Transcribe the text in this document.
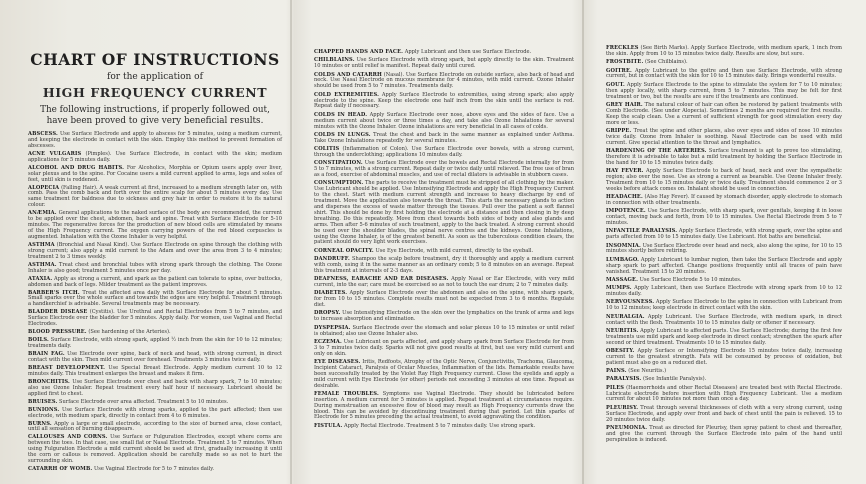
CHART OF INSTRUCTIONS
for the application of
HIGH FREQUENCY CURRENT
The following instructions, if properly followed out, have been proved to give very beneficial results.

ABSCESS. Use Surface Electrode and apply to abscess for 5 minutes, using a medium current, and keeping the electrode in contact with the skin. Employ this method to prevent formation of abscesses.

ACNE VULGARIS (Pimples). Use Surface Electrode, in contact with the skin; medium applications for 5 minutes daily.

ALCOHOL AND DRUG HABITS. For Alcoholics, Morphia or Opium users apply over liver, solar plexus and to the spine. For Cocaine users a mild current applied to arms, legs and soles of feet, until skin is reddened.

ALOPECIA (Falling Hair). A weak current at first, increased to a medium strength later on, with comb. Pass the comb back and forth over the entire scalp for about 5 minutes every day. Use same treatment for baldness due to sickness and grey hair in order to restore it to its natural colour.

ANÆMIA. General applications to the naked surface of the body are recommended, the current to be applied over the chest, abdomen, back and spine. Treat with Surface Electrode for 5-10 minutes. The regenerative forces for the production of new blood cells are stimulated by means of the High Frequency current. The oxygen carrying powers of the red blood corpuscles is augmented. Inhalation with the Ozone Inhaler is very helpful.

ASTHMA (Bronchial and Nasal Kind). Use Surface Electrode on spine through the clothing with strong current; also apply a mild current to the Adam and over the area from 3 to 4 minutes; treatment 2 to 3 times weekly.

ASTHMA. Treat chest and bronchial tubes with strong spark through the clothing. The Ozone Inhaler is also good; treatment 5 minutes once per day.

ATAXIA. Apply as strong a current, and spark as the patient can tolerate to spine, over buttocks, abdomen and back of legs. Milder treatment as the patient improves.

BARBER'S ITCH. Treat the affected area daily with Surface Electrode for about 5 minutes. Small sparks over the whole surface and towards the edges are very helpful. Treatment through a handkerchief is advisable. Several treatments may be necessary.

BLADDER DISEASE (Cystitis). Use Urethral and Rectal Electrodes from 5 to 7 minutes, and Surface Electrode over the bladder for 5 minutes. Apply daily. For women, use Vaginal and Rectal Electrodes.

BLOOD PRESSURE. (See hardening of the Arteries).

BOILS. Surface Electrode, with strong spark, applied ½ inch from the skin for 10 to 12 minutes; treatments daily.

BRAIN FAG. Use Electrode over spine, back of neck and head, with strong current, in direct contact with the skin. Then mild current over forehead. Treatments 3 minutes twice daily.

BREAST DEVELOPMENT. Use Special Breast Electrode. Apply medium current 10 to 12 minutes daily. This treatment enlarges the breast and makes it firm.

BRONCHITIS. Use Surface Electrode over chest and back with sharp spark, 7 to 10 minutes; also use Ozone Inhaler. Repeat treatment every half hour if necessary. Lubricant should be applied first to chest.

BRUISES. Surface Electrode over area affected. Treatment 5 to 10 minutes.

BUNIONS. Use Surface Electrode with strong sparks, applied to the part affected; then use electrode, with medium spark, directly in contact from 4 to 6 minutes.

BURNS. Apply a large or small electrode, according to the size of burned area, close contact, until all sensation of burning disappears.

CALLOUSES AND CORNS. Use Surface or Fulguration Electrodes, except where corns are between the toes. In that case, use small flat or Nasal Electrode. Treatment 3 to 7 minutes. When using Fulguration Electrode a mild current should be used at first, gradually increasing it until the corn or callous is removed. Application should be carefully made so as not to hurt the surrounding skin.

CATARRH OF WOMB. Use Vaginal Electrode for 5 to 7 minutes daily.

CHAPPED HANDS AND FACE. Apply Lubricant and then use Surface Electrode.

CHILBLAINS. Use Surface Electrode with strong spark, but apply directly to the skin. Treatment 10 minutes or until relief is manifest. Repeat daily until cured.

COLDS AND CATARRH (Nasal). Use Surface Electrode on outside surface, also back of head and neck. Use Nasal Electrode on mucous membrane for 4 minutes, with mild current. Ozone Inhaler should be used from 5 to 7 minutes. Treatments daily.

COLD EXTREMITIES. Apply Surface Electrode to extremities, using strong spark; also apply electrode to the spine. Keep the electrode one half inch from the skin until the surface is red. Repeat daily if necessary.

COLDS IN HEAD. Apply Surface Electrode over nose, above eyes and the sides of face. Use a medium current about twice or three times a day, and take also Ozone Inhalations for several minutes with the Ozone Inhaler. Ozone inhalations are very beneficial in all cases of colds.

COLDS IN LUNGS. Treat the chest and back in the same manner as explained under Asthma. Take Ozone Inhalations repeatedly for several minutes.

COLITIS (Inflammation of Colon). Use Surface Electrode over bowels, with a strong current, through the underclothing; applications 10 minutes daily.

CONSTIPATION. Use Surface Electrode over the bowels and Rectal Electrode internally for from 5 to 7 minutes, with a strong current. Repeat daily or twice daily until relieved. The free use of bran as a food, exercise of abdominal muscles, and use of rectal dilators is advisable in stubborn cases.

CONSUMPTION. The parts to receive the treatment must be stripped of all clothing by the maker. Use Lubricant should be applied. Use Intensifying Electrode and apply the High Frequency Current to the chest. Start with medium current strength and increase to heavy discharge by end of treatment. Move the application also towards the throat. This starts the necessary glands to action and disperses the excess of waste matter through the tissues. Pull over the patient a soft flannel shirt. This should be done by first holding the electrode at a distance and then closing in by deep breathing. Do this repeatedly. Move from chest towards both sides of body and also glands and arms. Then after 5-6 minutes of such treatment, apply to the back treated. A strong current should be used over the shoulder blades, the spinal nerve centres and the kidneys. Ozone Inhalations, using the Ozone Inhaler, is of the greatest benefit. As soon as the tuberculous condition clears, the patient should do very light work exercises.

CORNEAL OPACITY. Use Eye Electrode, with mild current, directly to the eyeball.

DANDRUFF. Shampoo the scalp before treatment, dry it thoroughly and apply a medium current with comb, using it in the same manner as an ordinary comb; 5 to 8 minutes on an average. Repeat this treatment at intervals of 2-3 days.

DEAFNESS, EARACHE AND EAR DISEASES. Apply Nasal or Ear Electrode, with very mild current, into the ear; care must be exercised so as not to touch the ear drum; 2 to 7 minutes daily.

DIABETES. Apply Surface Electrode over the abdomen and also on the spine, with sharp spark, for from 10 to 15 minutes. Complete results must not be expected from 3 to 6 months. Regulate diet.

DROPSY. Use Intensifying Electrode on the skin over the lymphatics on the trunk of arms and legs to increase absorption and elimination.

DYSPEPSIA. Surface Electrode over the stomach and solar plexus 10 to 15 minutes or until relief is obtained; also use Ozone Inhaler also.

ECZEMA. Use Lubricant on parts affected, and apply sharp spark from Surface Electrode for from 3 to 7 minutes twice daily. Sparks will not give good results at first, but use very mild current and only on skin.

EYE DISEASES. Iritis, Redfoots, Atrophy of the Optic Nerve, Conjunctivitis, Trachoma, Glaucoma, Incipient Cataract, Paralysis of Ocular Muscles, Inflammation of the lids. Remarkable results have been successfully treated by the Violet Ray High Frequency current. Close the eyelids and apply a mild current with Eye Electrode (or other) periods not exceeding 3 minutes at one time. Repeat as desirable.

FEMALE TROUBLES. Symptoms use Vaginal Electrode. They should be lubricated before insertion. A medium current for 5 minutes is applied. Repeat treatment at circumstances require. During menstruation an excessive flow of blood may result as High Frequency currents draw the blood. This can be avoided by discontinuing treatment during that period. Let thin sparks of Electrode for 5 minutes preceding the actual treatment, to avoid aggravating the condition.

FISTULA. Apply Rectal Electrode. Treatment 5 to 7 minutes daily. Use strong spark.

FRECKLES (See Birth Marks). Apply Surface Electrode, with medium spark, 1 inch from the skin. Apply from 10 to 15 minutes twice daily. Results are slow, but sure.

FROSTBITE. (See Chilblains).

GOITRE. Apply Lubricant to the goitre and then use Surface Electrode, with strong current, but in contact with the skin for 10 to 15 minutes daily. Brings wonderful results.

GOUT. Apply Surface Electrode to the spine to stimulate the system for 7 to 10 minutes; then apply locally, with sharp current, from 5 to 7 minutes. This may be felt for first treatment or two, but the results are sure if the treatments are continued.

GREY HAIR. The natural colour of hair can often be restored by patient treatments with Comb Electrode. (See under Alopecia). Sometimes 2 months are required for first results. Keep the scalp clean. Use a current of sufficient strength for good stimulation every day more or less.

GRIPPE. Treat the spine and other places, also over eyes and sides of nose 10 minutes twice daily. Ozone from Inhaler is soothing. Nasal Electrode can be used with mild current. Give special attention to the throat and lymphatics.

HARDENING OF THE ARTERIES. Surface treatment is apt to prove too stimulating, therefore it is advisable to take but a mild treatment by holding the Surface Electrode in the hand for 10 to 15 minutes twice daily.

HAY FEVER. Apply Surface Electrode to back of head, neck and over the sympathetic region; also over the nose. Use as strong a current as bearable. Use Ozone Inhaler freely. Treatment from 10 to 15 minutes daily or twice daily. Treatment should commence 2 or 3 weeks before attack comes on. Inhalant should be used in connection.

HEADACHE. (Also Hay Fever). If caused by stomach disorder, apply electrode to stomach in connection with other treatments.

IMPOTENCE. Use Surface Electrode, with sharp spark, over genitals, keeping it in loose contact, moving back and forth, from 10 to 15 minutes. Use Rectal Electrode from 5 to 7 minutes.

INFANTILE PARALYSIS. Apply Surface Electrode, with strong spark, over the spine and parts affected from 10 to 15 minutes daily. Use Lubricant. Hot baths are beneficial.

INSOMNIA. Use Surface Electrode over head and neck, also along the spine, for 10 to 15 minutes shortly before retiring.

LUMBAGO. Apply Lubricant to lumbar region, then take the Surface Electrode and apply sharp spark to part affected. Change positions frequently until all traces of pain have vanished. Treatment 15 to 20 minutes.

MASSAGE. Use Surface Electrode 5 to 10 minutes.

MUMPS. Apply Lubricant, then use Surface Electrode with strong spark from 10 to 12 minutes daily.

NERVOUSNESS. Apply Surface Electrode to the spine in connection with Lubricant from 10 to 12 minutes; keep electrode in direct contact with the skin.

NEURALGIA. Apply Lubricant. Use Surface Electrode, with medium spark, in direct contact with the flesh. Treatments 10 to 15 minutes daily or oftener if necessary.

NEURITIS. Apply Lubricant to affected parts. Use Surface Electrode; during the first few treatments use mild spark and keep electrode in direct contact; strengthen the spark after second or third treatment. Treatments 10 to 15 minutes daily.

OBESITY. Apply Surface or Intensifying Electrode 15 minutes twice daily, increasing current to the greatest strength. Fats will be consumed by process of oxidation, but patient must also go on a reduced diet.

PAINS. (See Neuritis.)

PARALYSIS. (See Infantile Paralysis).

PILES (Haemorrhoids and other Rectal Diseases) are treated best with Rectal Electrode. Lubricate electrode before insertion with High Frequency Lubricant. Use a medium current for about 10 minutes not more than once a day.

PLEURISY. Treat through several thicknesses of cloth with a very strong current, using Surface Electrode, and apply over front and back of chest until the pain is relieved. 15 to 20 minutes twice daily.

PNEUMONIA. Treat as directed for Pleurisy, then spray patient to chest and thereafter, and give the current through the Surface Electrode into palm of the hand until perspiration is induced.
